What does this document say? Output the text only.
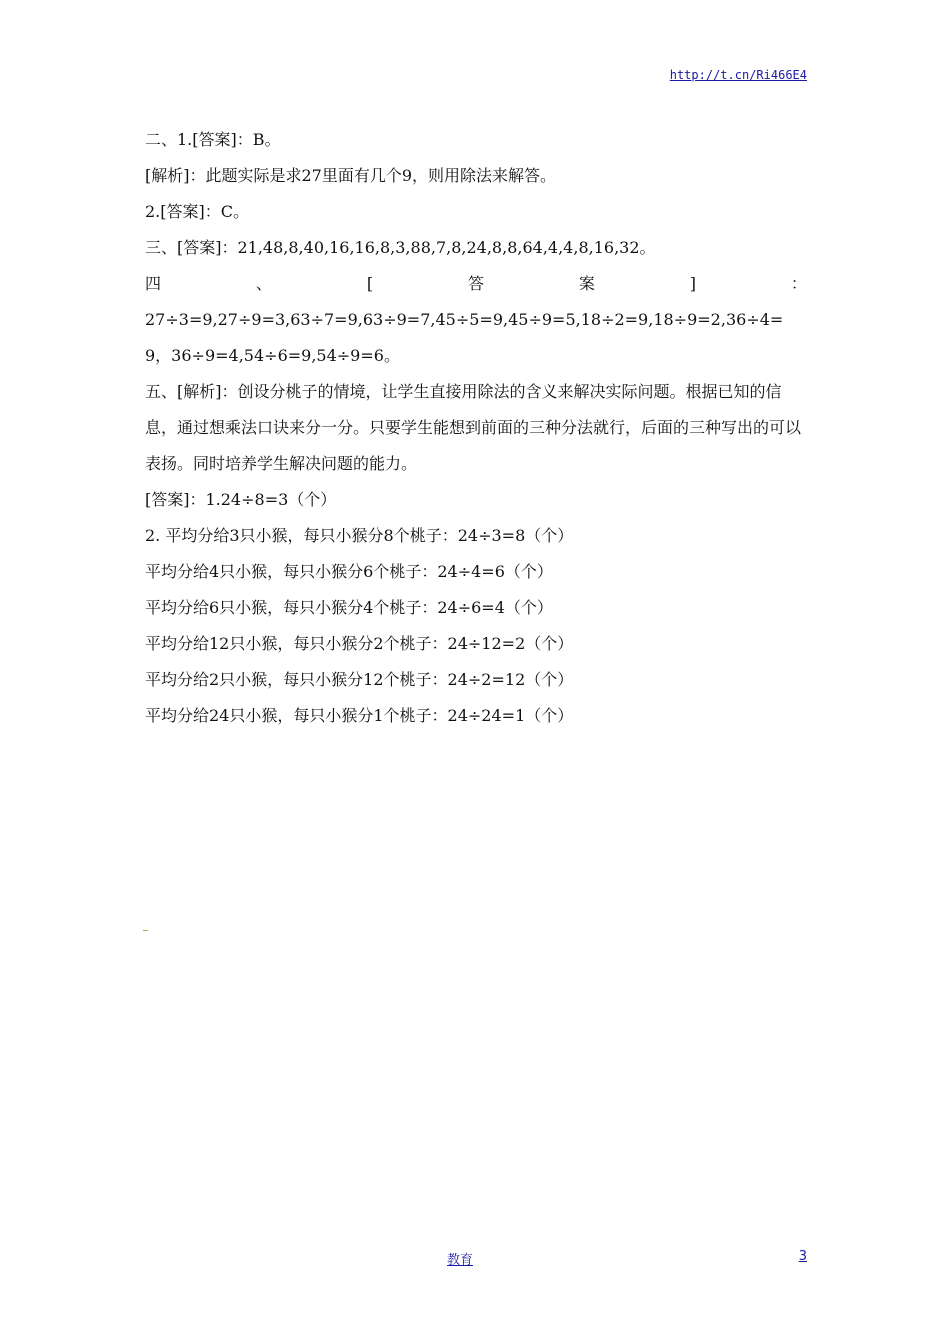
http://t.cn/Ri466E4
二、1.[答案]：B。
[解析]：此题实际是求27里面有几个9，则用除法来解答。
2.[答案]：C。
三、[答案]：21,48,8,40,16,16,8,3,88,7,8,24,8,8,64,4,4,8,16,32。
四	、	[	答	案	]	：
27÷3=9,27÷9=3,63÷7=9,63÷9=7,45÷5=9,45÷9=5,18÷2=9,18÷9=2,36÷4=9，36÷9=4,54÷6=9,54÷9=6。
五、[解析]：创设分桃子的情境，让学生直接用除法的含义来解决实际问题。根据已知的信息，通过想乘法口诀来分一分。只要学生能想到前面的三种分法就行，后面的三种写出的可以表扬。同时培养学生解决问题的能力。
[答案]：1.24÷8=3（个）
2. 平均分给3只小猴，每只小猴分8个桃子：24÷3=8（个）
平均分给4只小猴，每只小猴分6个桃子：24÷4=6（个）
平均分给6只小猴，每只小猴分4个桃子：24÷6=4（个）
平均分给12只小猴，每只小猴分2个桃子：24÷12=2（个）
平均分给2只小猴，每只小猴分12个桃子：24÷2=12（个）
平均分给24只小猴，每只小猴分1个桃子：24÷24=1（个）
教育	3
